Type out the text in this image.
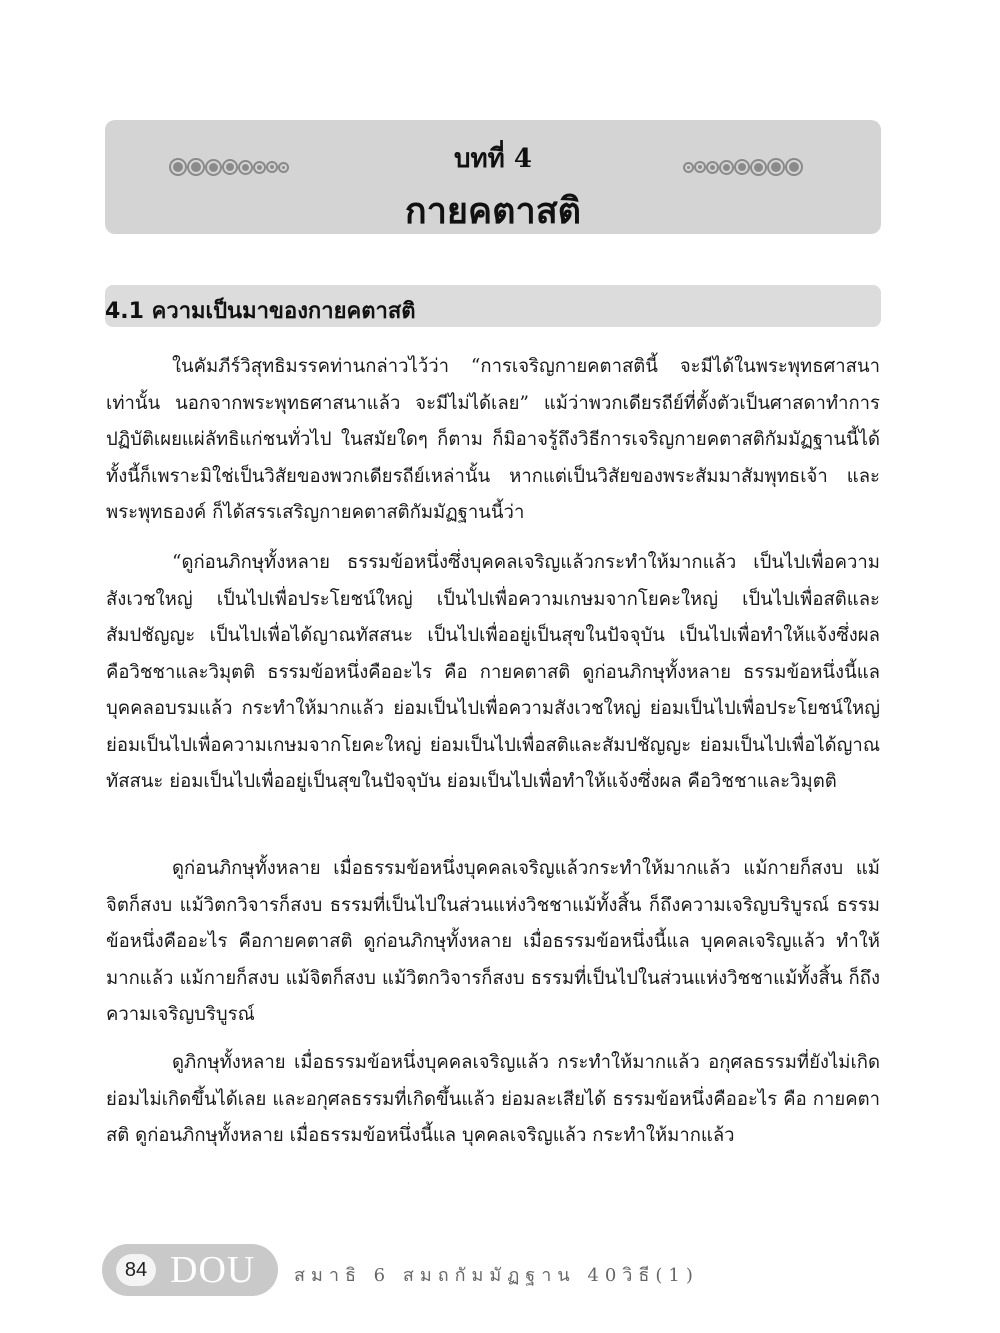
บทที่ 4
กายคตาสติ
4.1 ความเป็นมาของกายคตาสติ

ในคัมภีร์วิสุทธิมรรคท่านกล่าวไว้ว่า “การเจริญกายคตาสตินี้ จะมีได้ในพระพุทธศาสนาเท่านั้น นอกจากพระพุทธศาสนาแล้ว จะมีไม่ได้เลย” แม้ว่าพวกเดียรถีย์ที่ตั้งตัวเป็นศาสดาทำการปฏิบัติเผยแผ่ลัทธิแก่ชนทั่วไป ในสมัยใดๆ ก็ตาม ก็มิอาจรู้ถึงวิธีการเจริญกายคตาสติกัมมัฏฐานนี้ได้ ทั้งนี้ก็เพราะมิใช่เป็นวิสัยของพวกเดียรถีย์เหล่านั้น หากแต่เป็นวิสัยของพระสัมมาสัมพุทธเจ้า และพระพุทธองค์ ก็ได้สรรเสริญกายคตาสติกัมมัฏฐานนี้ว่า

“ดูก่อนภิกษุทั้งหลาย ธรรมข้อหนึ่งซึ่งบุคคลเจริญแล้วกระทำให้มากแล้ว เป็นไปเพื่อความสังเวชใหญ่ เป็นไปเพื่อประโยชน์ใหญ่ เป็นไปเพื่อความเกษมจากโยคะใหญ่ เป็นไปเพื่อสติและสัมปชัญญะ เป็นไปเพื่อได้ญาณทัสสนะ เป็นไปเพื่ออยู่เป็นสุขในปัจจุบัน เป็นไปเพื่อทำให้แจ้งซึ่งผล คือวิชชาและวิมุตติ ธรรมข้อหนึ่งคืออะไร คือ กายคตาสติ ดูก่อนภิกษุทั้งหลาย ธรรมข้อหนึ่งนี้แล บุคคลอบรมแล้ว กระทำให้มากแล้ว ย่อมเป็นไปเพื่อความสังเวชใหญ่ ย่อมเป็นไปเพื่อประโยชน์ใหญ่ ย่อมเป็นไปเพื่อความเกษมจากโยคะใหญ่ ย่อมเป็นไปเพื่อสติและสัมปชัญญะ ย่อมเป็นไปเพื่อได้ญาณทัสสนะ ย่อมเป็นไปเพื่ออยู่เป็นสุขในปัจจุบัน ย่อมเป็นไปเพื่อทำให้แจ้งซึ่งผล คือวิชชาและวิมุตติ

ดูก่อนภิกษุทั้งหลาย เมื่อธรรมข้อหนึ่งบุคคลเจริญแล้วกระทำให้มากแล้ว แม้กายก็สงบ แม้จิตก็สงบ แม้วิตกวิจารก็สงบ ธรรมที่เป็นไปในส่วนแห่งวิชชาแม้ทั้งสิ้น ก็ถึงความเจริญบริบูรณ์ ธรรมข้อหนึ่งคืออะไร คือกายคตาสติ ดูก่อนภิกษุทั้งหลาย เมื่อธรรมข้อหนึ่งนี้แล บุคคลเจริญแล้ว ทำให้มากแล้ว แม้กายก็สงบ แม้จิตก็สงบ แม้วิตกวิจารก็สงบ ธรรมที่เป็นไปในส่วนแห่งวิชชาแม้ทั้งสิ้น ก็ถึงความเจริญบริบูรณ์

ดูภิกษุทั้งหลาย เมื่อธรรมข้อหนึ่งบุคคลเจริญแล้ว กระทำให้มากแล้ว อกุศลธรรมที่ยังไม่เกิด ย่อมไม่เกิดขึ้นได้เลย และอกุศลธรรมที่เกิดขึ้นแล้ว ย่อมละเสียได้ ธรรมข้อหนึ่งคืออะไร คือ กายคตาสติ ดูก่อนภิกษุทั้งหลาย เมื่อธรรมข้อหนึ่งนี้แล บุคคลเจริญแล้ว กระทำให้มากแล้ว

84 DOU สมาธิ 6 สมถกัมมัฏฐาน 40วิธี(1)
